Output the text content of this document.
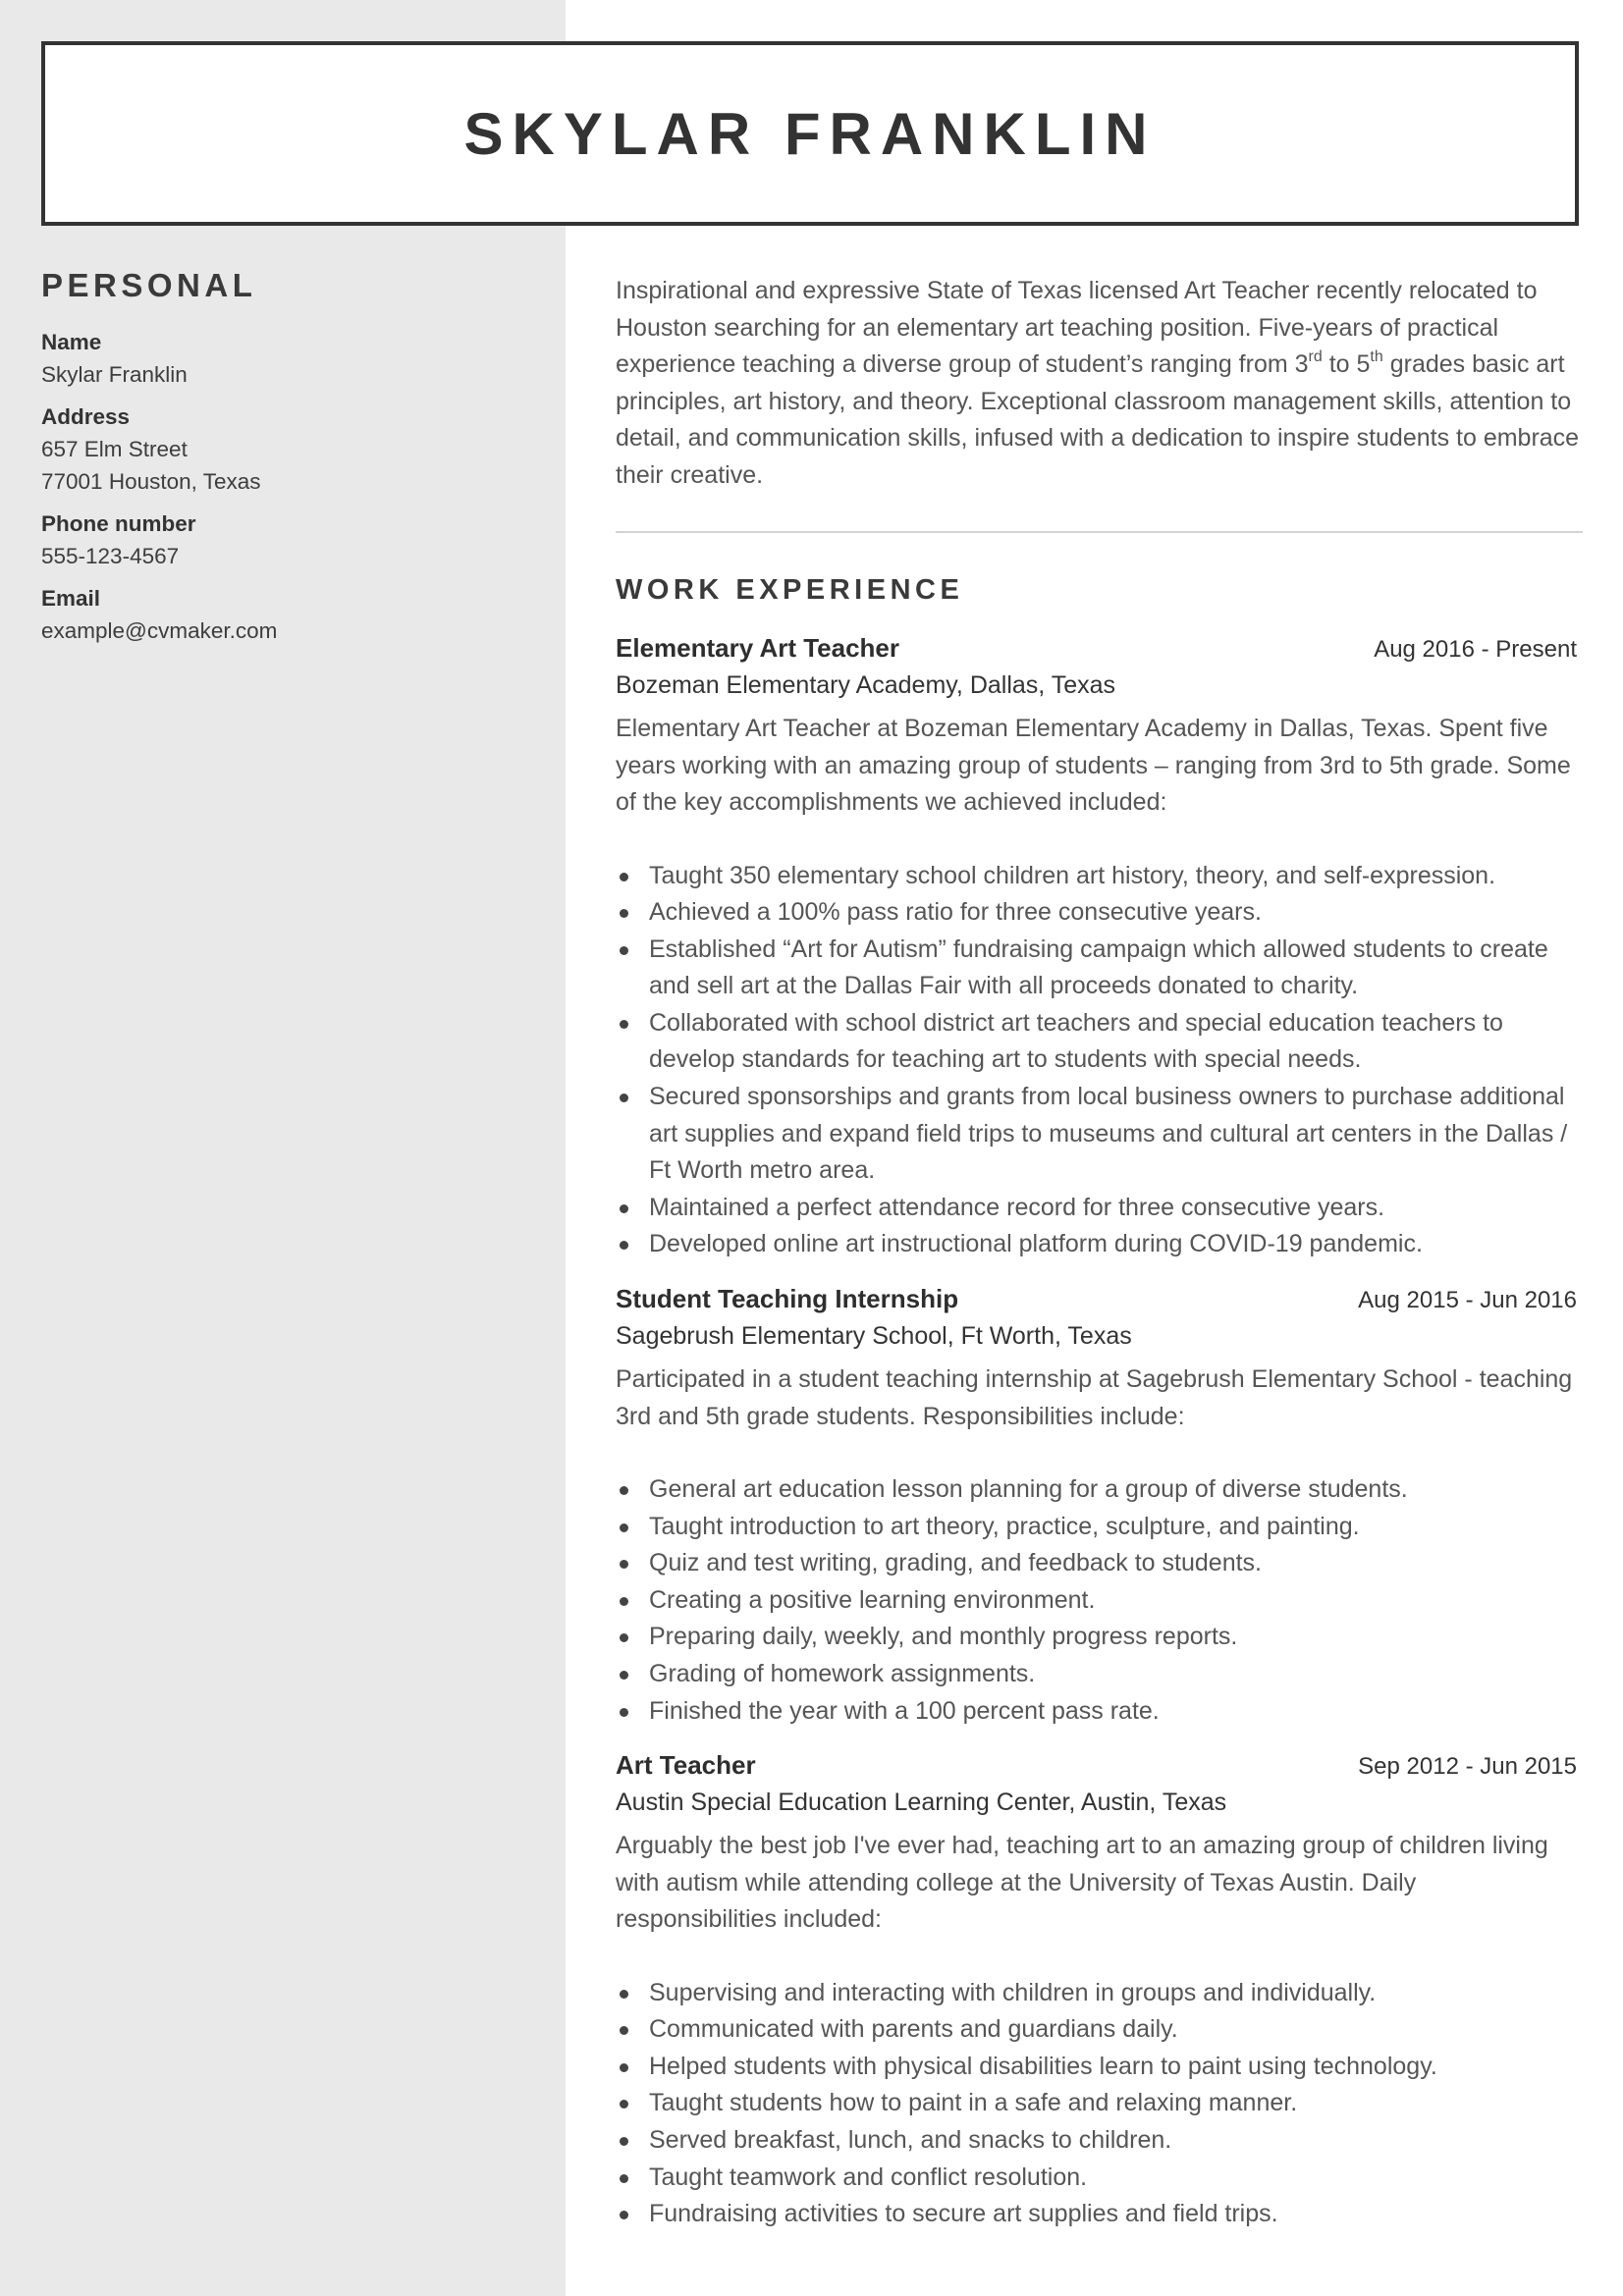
SKYLAR FRANKLIN
PERSONAL
Name
Skylar Franklin
Address
657 Elm Street
77001 Houston, Texas
Phone number
555-123-4567
Email
example@cvmaker.com

Inspirational and expressive State of Texas licensed Art Teacher recently relocated to Houston searching for an elementary art teaching position. Five-years of practical experience teaching a diverse group of student’s ranging from 3rd to 5th grades basic art principles, art history, and theory. Exceptional classroom management skills, attention to detail, and communication skills, infused with a dedication to inspire students to embrace their creative.

WORK EXPERIENCE
Elementary Art Teacher	Aug 2016 - Present
Bozeman Elementary Academy, Dallas, Texas
Elementary Art Teacher at Bozeman Elementary Academy in Dallas, Texas. Spent five years working with an amazing group of students – ranging from 3rd to 5th grade. Some of the key accomplishments we achieved included:
Taught 350 elementary school children art history, theory, and self-expression.
Achieved a 100% pass ratio for three consecutive years.
Established “Art for Autism” fundraising campaign which allowed students to create and sell art at the Dallas Fair with all proceeds donated to charity.
Collaborated with school district art teachers and special education teachers to develop standards for teaching art to students with special needs.
Secured sponsorships and grants from local business owners to purchase additional art supplies and expand field trips to museums and cultural art centers in the Dallas / Ft Worth metro area.
Maintained a perfect attendance record for three consecutive years.
Developed online art instructional platform during COVID-19 pandemic.
Student Teaching Internship	Aug 2015 - Jun 2016
Sagebrush Elementary School, Ft Worth, Texas
Participated in a student teaching internship at Sagebrush Elementary School - teaching 3rd and 5th grade students. Responsibilities include:
General art education lesson planning for a group of diverse students.
Taught introduction to art theory, practice, sculpture, and painting.
Quiz and test writing, grading, and feedback to students.
Creating a positive learning environment.
Preparing daily, weekly, and monthly progress reports.
Grading of homework assignments.
Finished the year with a 100 percent pass rate.
Art Teacher	Sep 2012 - Jun 2015
Austin Special Education Learning Center, Austin, Texas
Arguably the best job I've ever had, teaching art to an amazing group of children living with autism while attending college at the University of Texas Austin. Daily responsibilities included:
Supervising and interacting with children in groups and individually.
Communicated with parents and guardians daily.
Helped students with physical disabilities learn to paint using technology.
Taught students how to paint in a safe and relaxing manner.
Served breakfast, lunch, and snacks to children.
Taught teamwork and conflict resolution.
Fundraising activities to secure art supplies and field trips.
